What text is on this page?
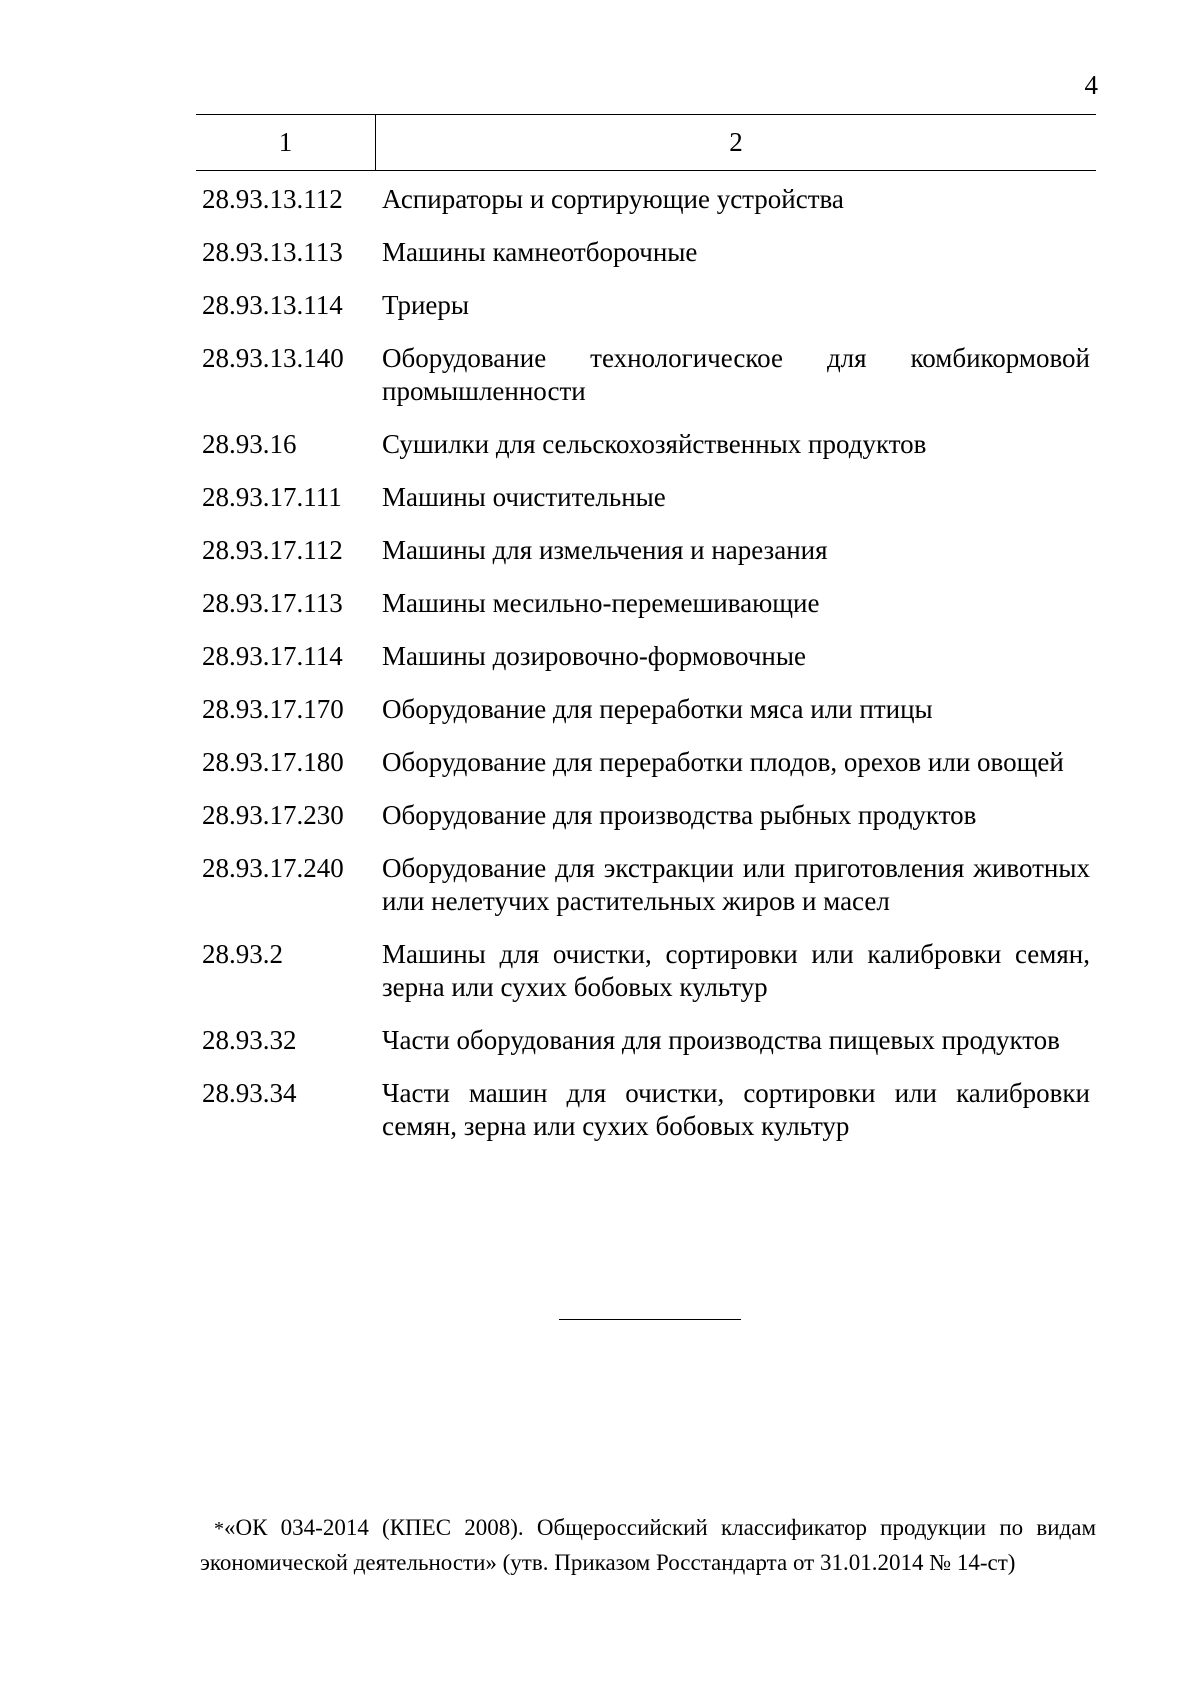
4
1	2
28.93.13.112	Аспираторы и сортирующие устройства
28.93.13.113	Машины камнеотборочные
28.93.13.114	Триеры
28.93.13.140	Оборудование технологическое для комбикормовой промышленности
28.93.16	Сушилки для сельскохозяйственных продуктов
28.93.17.111	Машины очистительные
28.93.17.112	Машины для измельчения и нарезания
28.93.17.113	Машины месильно-перемешивающие
28.93.17.114	Машины дозировочно-формовочные
28.93.17.170	Оборудование для переработки мяса или птицы
28.93.17.180	Оборудование для переработки плодов, орехов или овощей
28.93.17.230	Оборудование для производства рыбных продуктов
28.93.17.240	Оборудование для экстракции или приготовления животных или нелетучих растительных жиров и масел
28.93.2	Машины для очистки, сортировки или калибровки семян, зерна или сухих бобовых культур
28.93.32	Части оборудования для производства пищевых продуктов
28.93.34	Части машин для очистки, сортировки или калибровки семян, зерна или сухих бобовых культур
*«ОК 034-2014 (КПЕС 2008). Общероссийский классификатор продукции по видам экономической деятельности» (утв. Приказом Росстандарта от 31.01.2014 № 14-ст)
